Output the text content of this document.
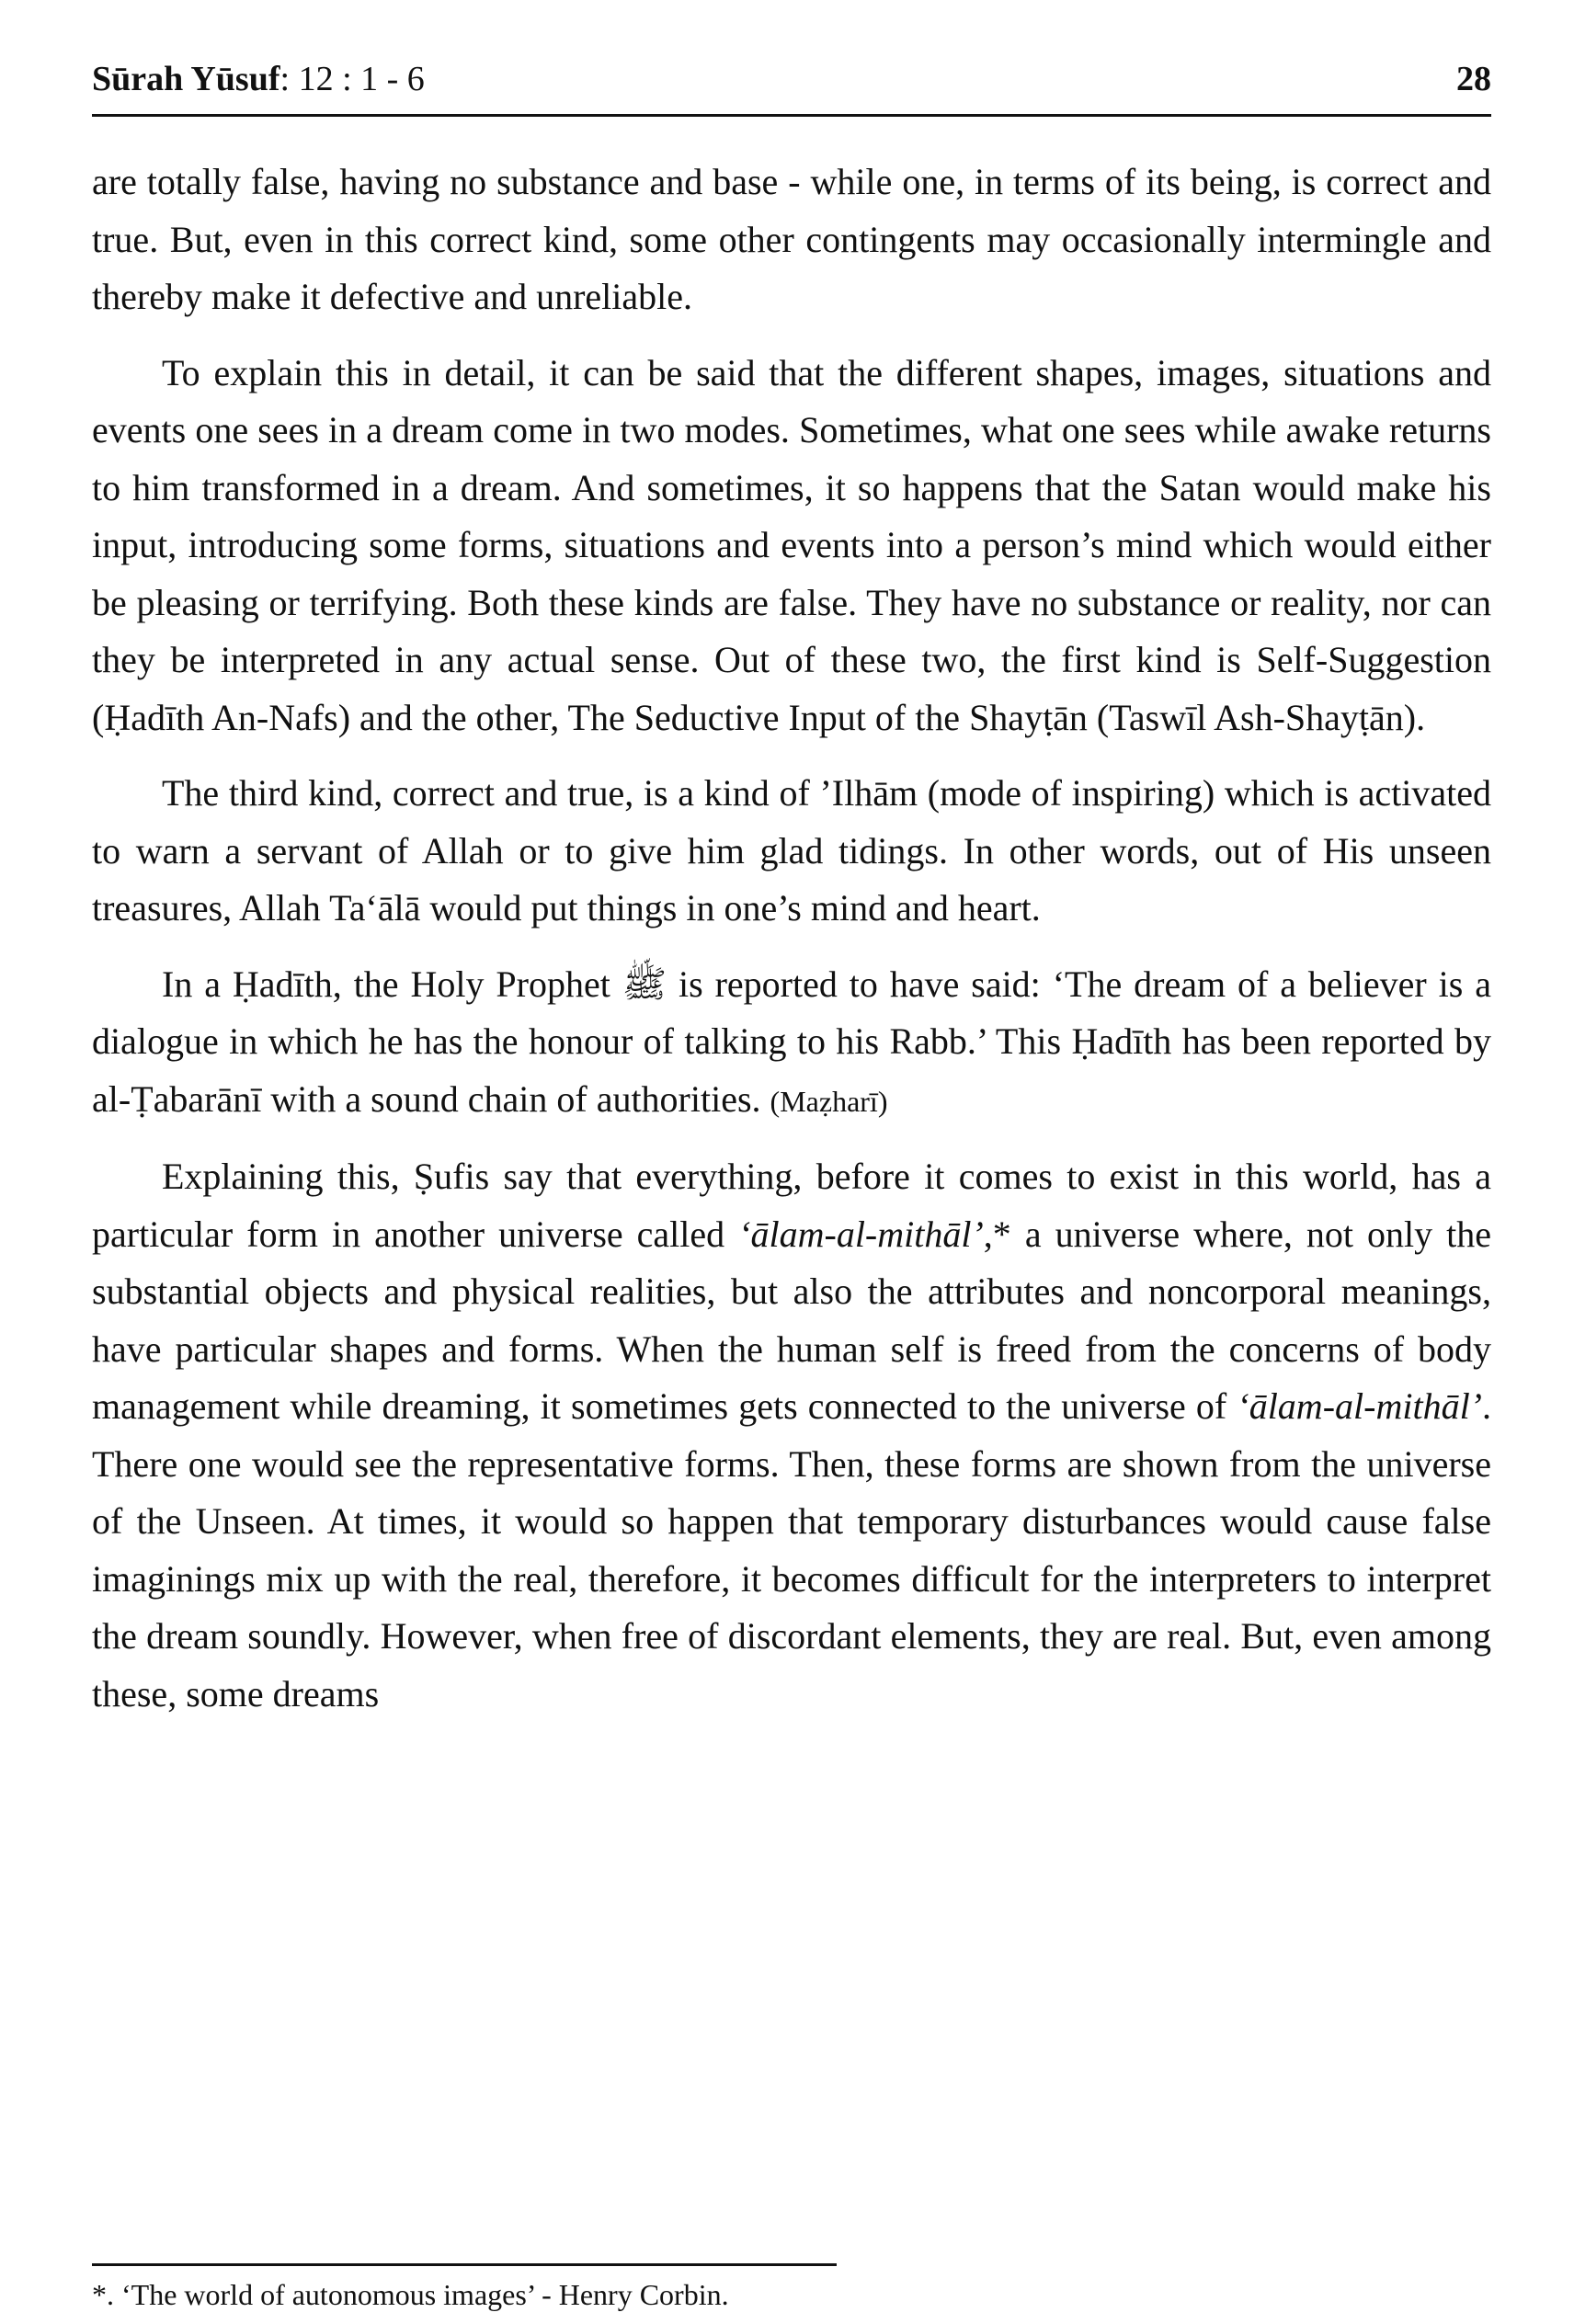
Sūrah Yūsuf: 12 : 1 - 6	28

are totally false, having no substance and base - while one, in terms of its being, is correct and true. But, even in this correct kind, some other contingents may occasionally intermingle and thereby make it defective and unreliable.

To explain this in detail, it can be said that the different shapes, images, situations and events one sees in a dream come in two modes. Sometimes, what one sees while awake returns to him transformed in a dream. And sometimes, it so happens that the Satan would make his input, introducing some forms, situations and events into a person’s mind which would either be pleasing or terrifying. Both these kinds are false. They have no substance or reality, nor can they be interpreted in any actual sense. Out of these two, the first kind is Self-Suggestion (Ḥadīth An-Nafs) and the other, The Seductive Input of the Shayṭān (Taswīl Ash-Shayṭān).

The third kind, correct and true, is a kind of ’Ilhām (mode of inspiring) which is activated to warn a servant of Allah or to give him glad tidings. In other words, out of His unseen treasures, Allah Ta‘ālā would put things in one’s mind and heart.

In a Ḥadīth, the Holy Prophet ﷺ is reported to have said: ‘The dream of a believer is a dialogue in which he has the honour of talking to his Rabb.’ This Ḥadīth has been reported by al-Ṭabarānī with a sound chain of authorities. (Maẓharī)

Explaining this, Ṣufis say that everything, before it comes to exist in this world, has a particular form in another universe called ‘ālam-al-mithāl’,* a universe where, not only the substantial objects and physical realities, but also the attributes and noncorporal meanings, have particular shapes and forms. When the human self is freed from the concerns of body management while dreaming, it sometimes gets connected to the universe of ‘ālam-al-mithāl’. There one would see the representative forms. Then, these forms are shown from the universe of the Unseen. At times, it would so happen that temporary disturbances would cause false imaginings mix up with the real, therefore, it becomes difficult for the interpreters to interpret the dream soundly. However, when free of discordant elements, they are real. But, even among these, some dreams

*. ‘The world of autonomous images’ - Henry Corbin.
